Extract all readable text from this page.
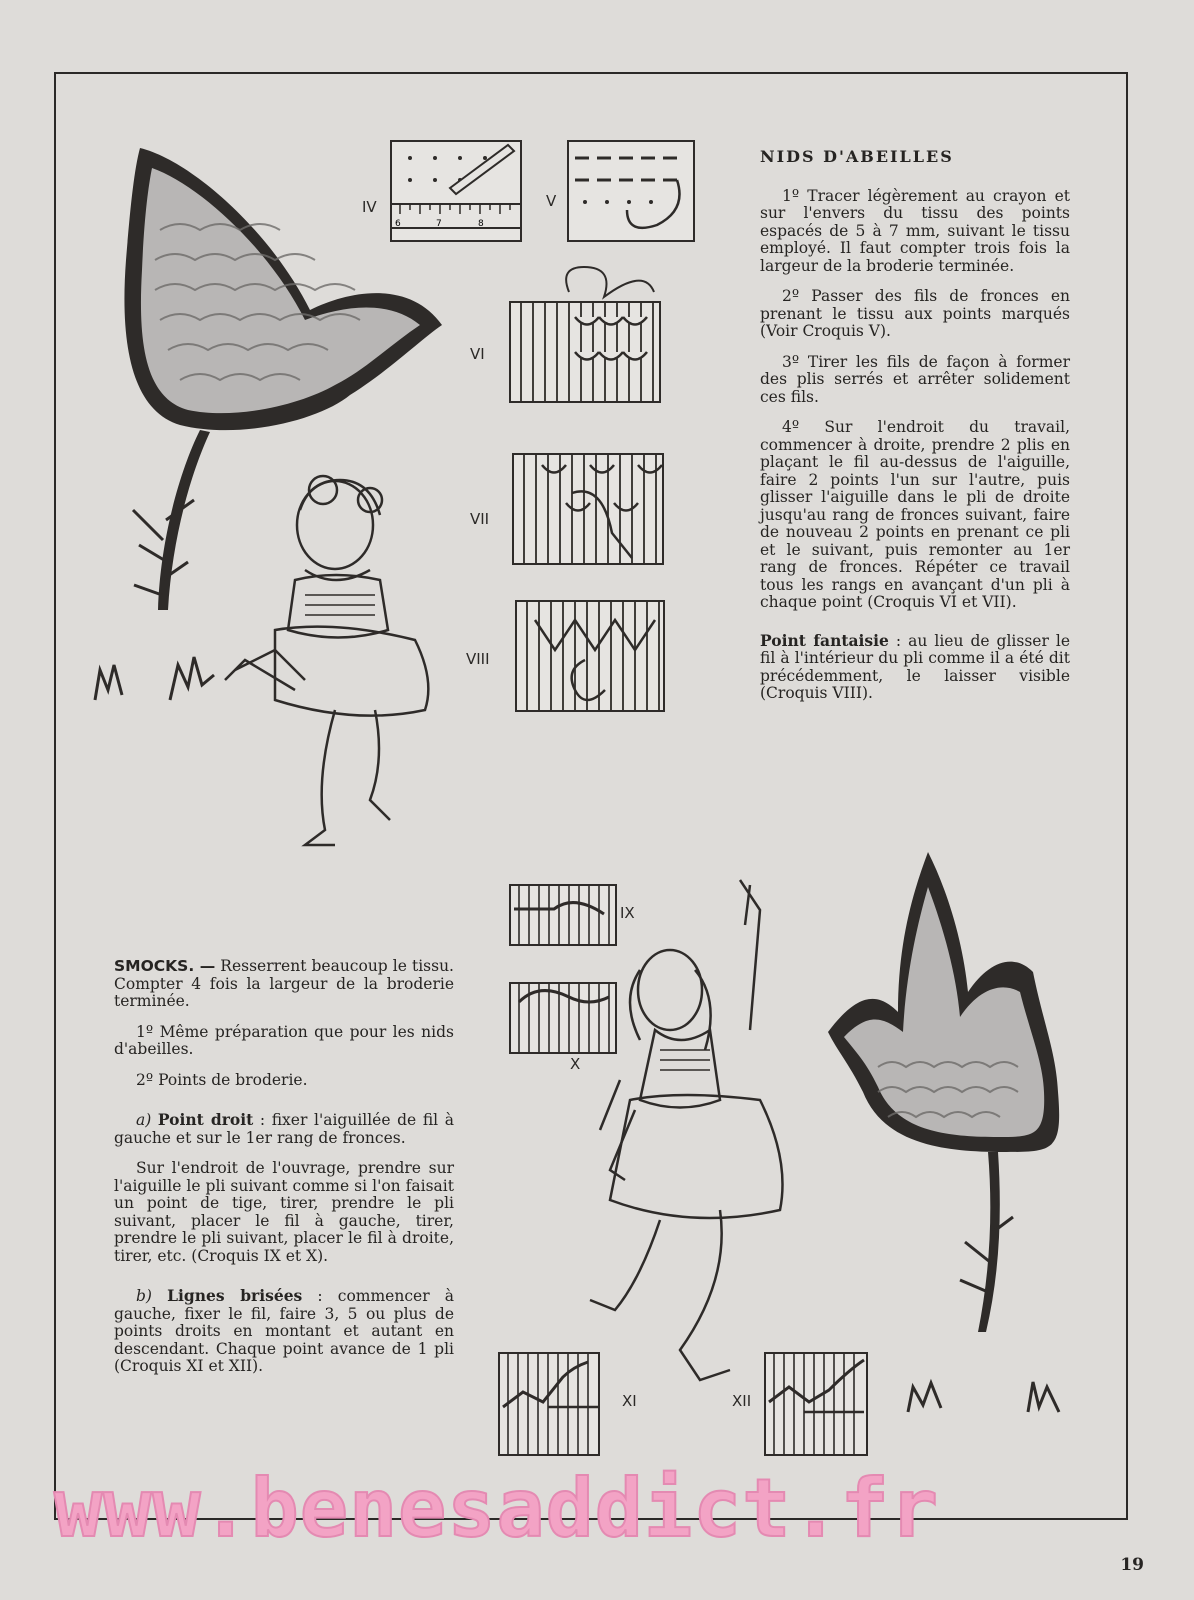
IV
6	7	8
V
VI
VII
VIII
IX
X
XI	XII
NIDS D'ABEILLES

1º Tracer légèrement au crayon et sur l'envers du tissu des points espacés de 5 à 7 mm, suivant le tissu employé. Il faut compter trois fois la largeur de la broderie terminée.

2º Passer des fils de fronces en prenant le tissu aux points marqués (Voir Croquis V).

3º Tirer les fils de façon à former des plis serrés et arrêter solidement ces fils.

4º Sur l'endroit du travail, commencer à droite, prendre 2 plis en plaçant le fil au-dessus de l'aiguille, faire 2 points l'un sur l'autre, puis glisser l'aiguille dans le pli de droite jusqu'au rang de fronces suivant, faire de nouveau 2 points en prenant ce pli et le suivant, puis remonter au 1er rang de fronces. Répéter ce travail tous les rangs en avançant d'un pli à chaque point (Croquis VI et VII).

Point fantaisie : au lieu de glisser le fil à l'intérieur du pli comme il a été dit précédemment, le laisser visible (Croquis VIII).

SMOCKS. — Resserrent beaucoup le tissu. Compter 4 fois la largeur de la broderie terminée.

1º Même préparation que pour les nids d'abeilles.

2º Points de broderie.

a) Point droit : fixer l'aiguillée de fil à gauche et sur le 1er rang de fronces.

Sur l'endroit de l'ouvrage, prendre sur l'aiguille le pli suivant comme si l'on faisait un point de tige, tirer, prendre le pli suivant, placer le fil à gauche, tirer, prendre le pli suivant, placer le fil à droite, tirer, etc. (Croquis IX et X).

b) Lignes brisées : commencer à gauche, fixer le fil, faire 3, 5 ou plus de points droits en montant et autant en descendant. Chaque point avance de 1 pli (Croquis XI et XII).

www.benesaddict.fr
19
